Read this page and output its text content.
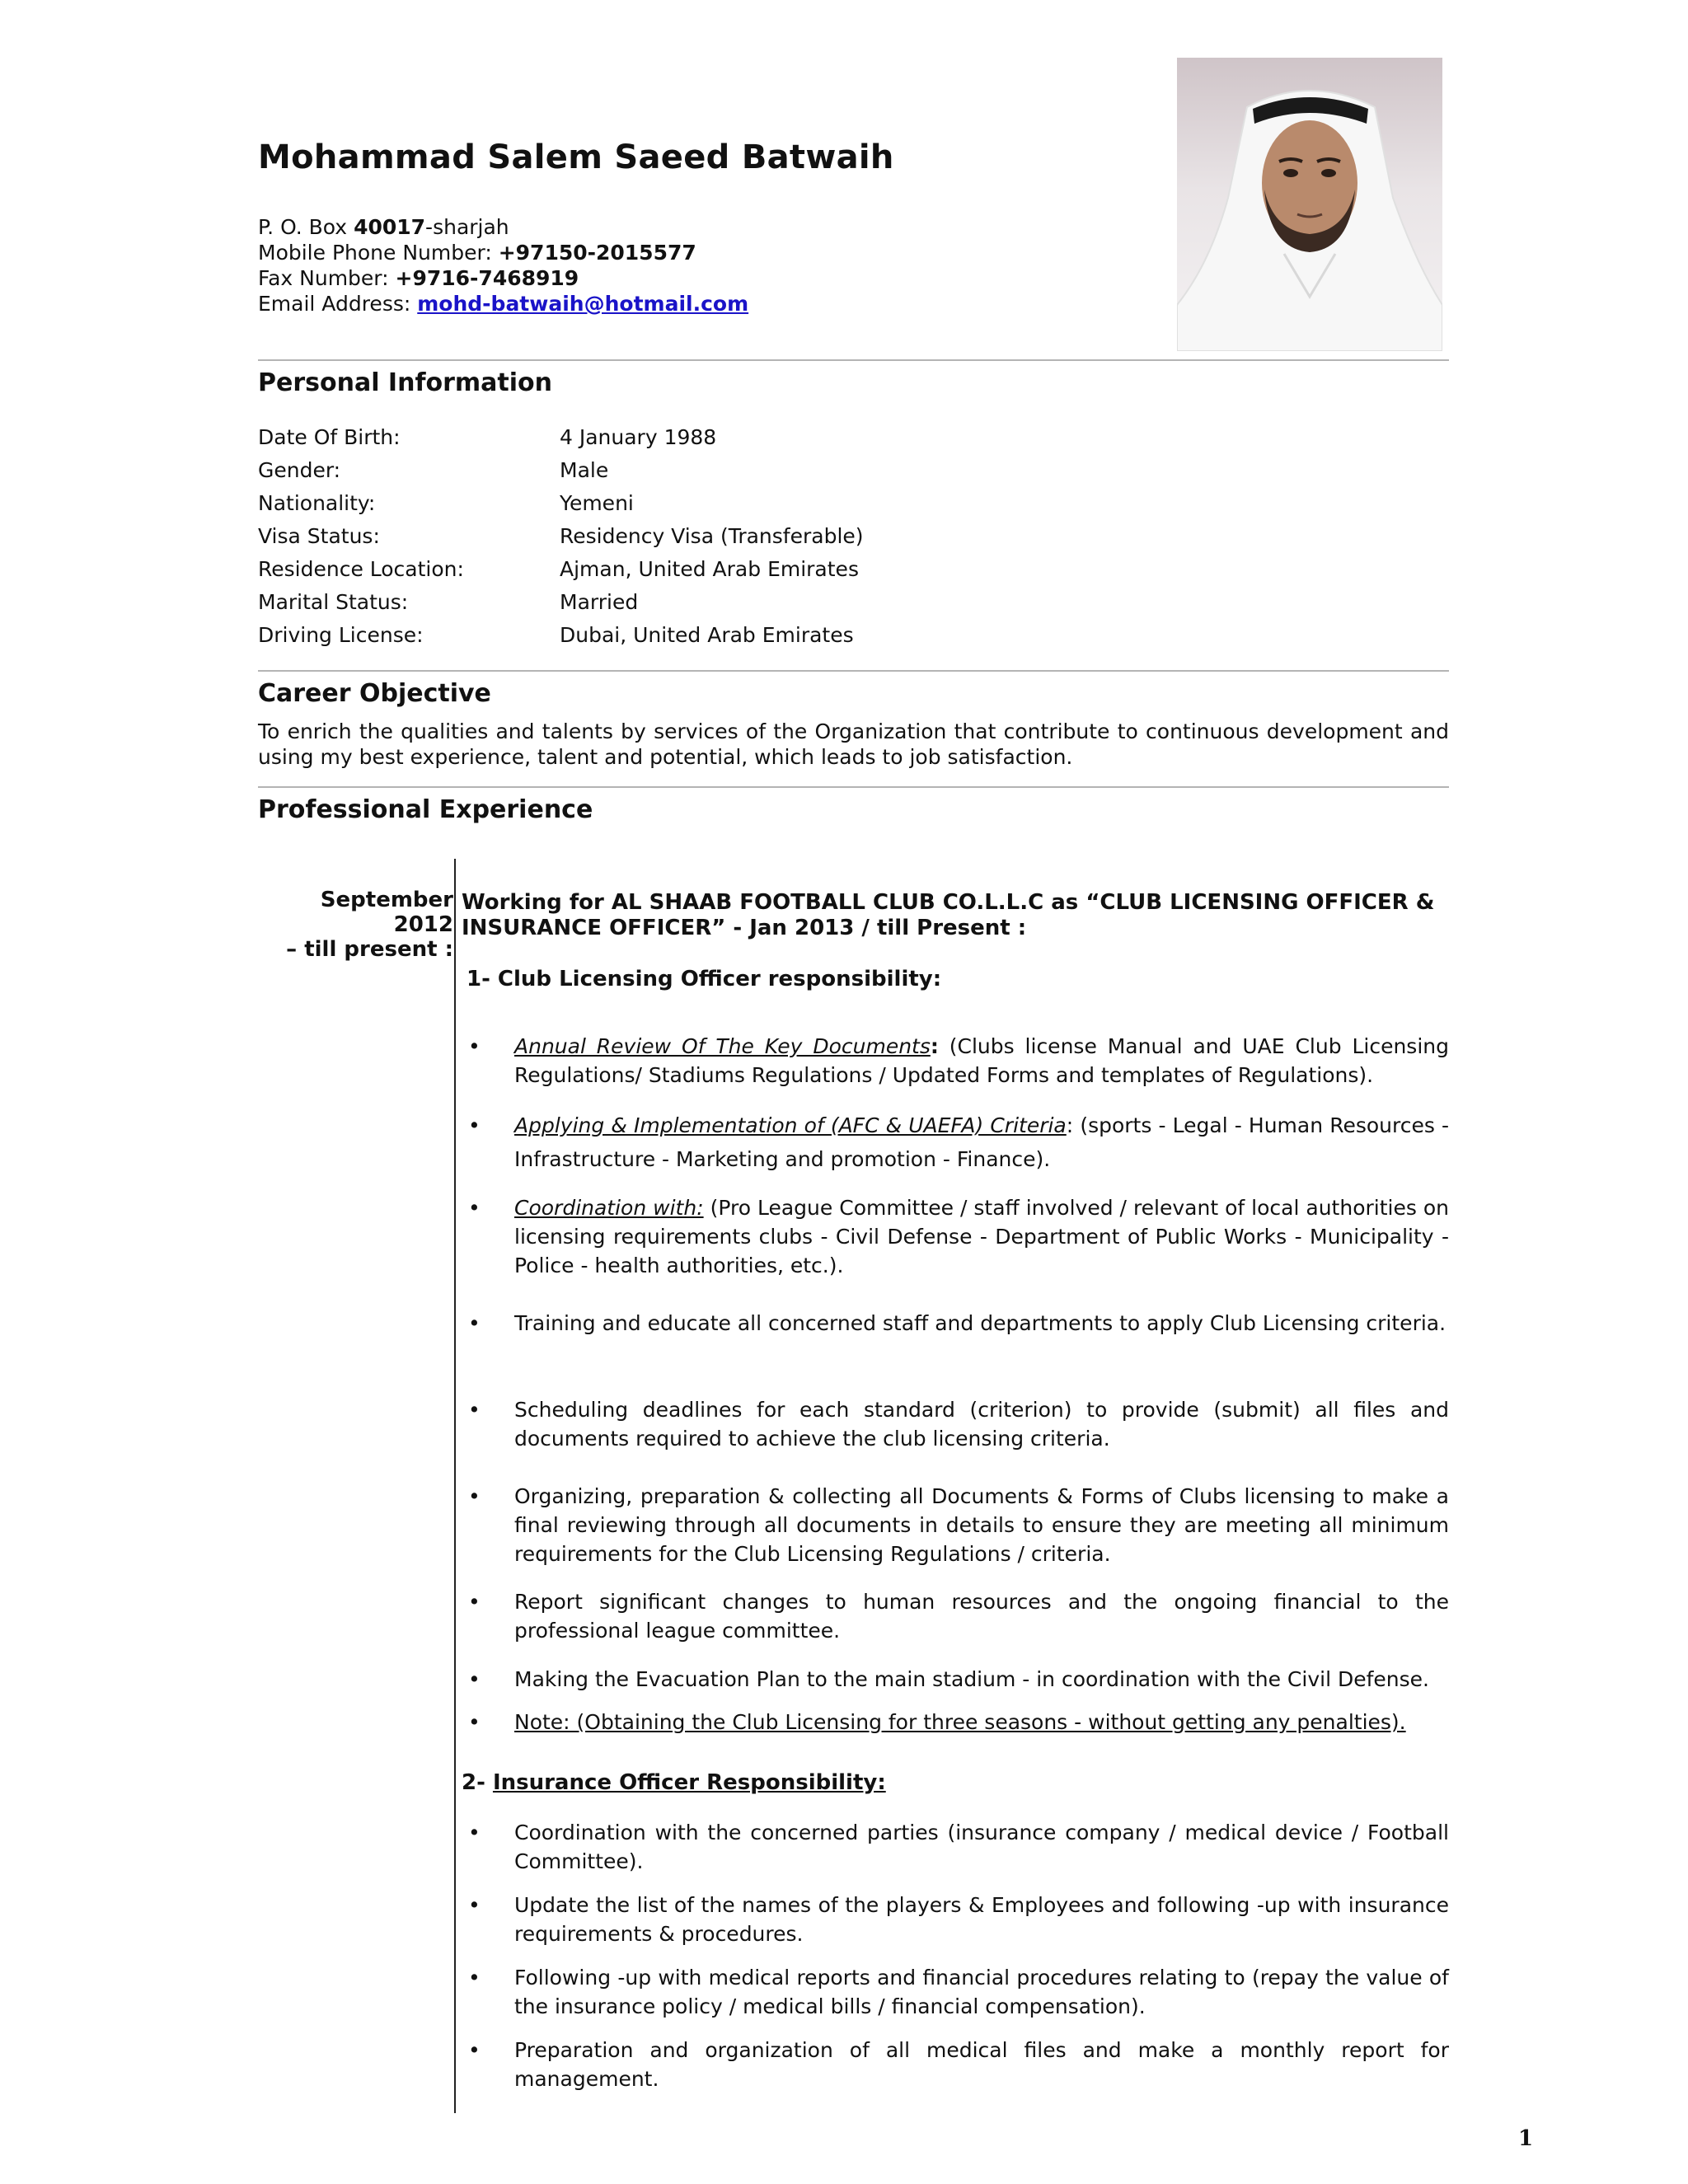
Mohammad Salem Saeed Batwaih
P. O. Box 40017-sharjah
Mobile Phone Number: +97150-2015577
Fax Number: +9716-7468919
Email Address: mohd-batwaih@hotmail.com
Personal Information
Date Of Birth:	4 January 1988
Gender:	Male
Nationality:	Yemeni
Visa Status:	Residency Visa (Transferable)
Residence Location:	Ajman, United Arab Emirates
Marital Status:	Married
Driving License:	Dubai, United Arab Emirates
Career Objective
To enrich the qualities and talents by services of the Organization that contribute to continuous development and using my best experience, talent and potential, which leads to job satisfaction.
Professional Experience
September 2012
– till present :
Working for AL SHAAB FOOTBALL CLUB CO.L.L.C as “CLUB LICENSING OFFICER & INSURANCE OFFICER” - Jan 2013 / till Present :
1- Club Licensing Officer responsibility:
• Annual Review Of The Key Documents: (Clubs license Manual and UAE Club Licensing Regulations/ Stadiums Regulations / Updated Forms and templates of Regulations).
• Applying & Implementation of (AFC & UAEFA) Criteria: (sports - Legal - Human Resources - Infrastructure - Marketing and promotion - Finance).
• Coordination with: (Pro League Committee / staff involved / relevant of local authorities on licensing requirements clubs - Civil Defense - Department of Public Works - Municipality - Police - health authorities, etc.).
• Training and educate all concerned staff and departments to apply Club Licensing criteria.
• Scheduling deadlines for each standard (criterion) to provide (submit) all files and documents required to achieve the club licensing criteria.
• Organizing, preparation & collecting all Documents & Forms of Clubs licensing to make a final reviewing through all documents in details to ensure they are meeting all minimum requirements for the Club Licensing Regulations / criteria.
• Report significant changes to human resources and the ongoing financial to the professional league committee.
• Making the Evacuation Plan to the main stadium - in coordination with the Civil Defense.
• Note: (Obtaining the Club Licensing for three seasons - without getting any penalties).
2- Insurance Officer Responsibility:
• Coordination with the concerned parties (insurance company / medical device / Football Committee).
• Update the list of the names of the players & Employees and following -up with insurance requirements & procedures.
• Following -up with medical reports and financial procedures relating to (repay the value of the insurance policy / medical bills / financial compensation).
• Preparation and organization of all medical files and make a monthly report for management.
1
